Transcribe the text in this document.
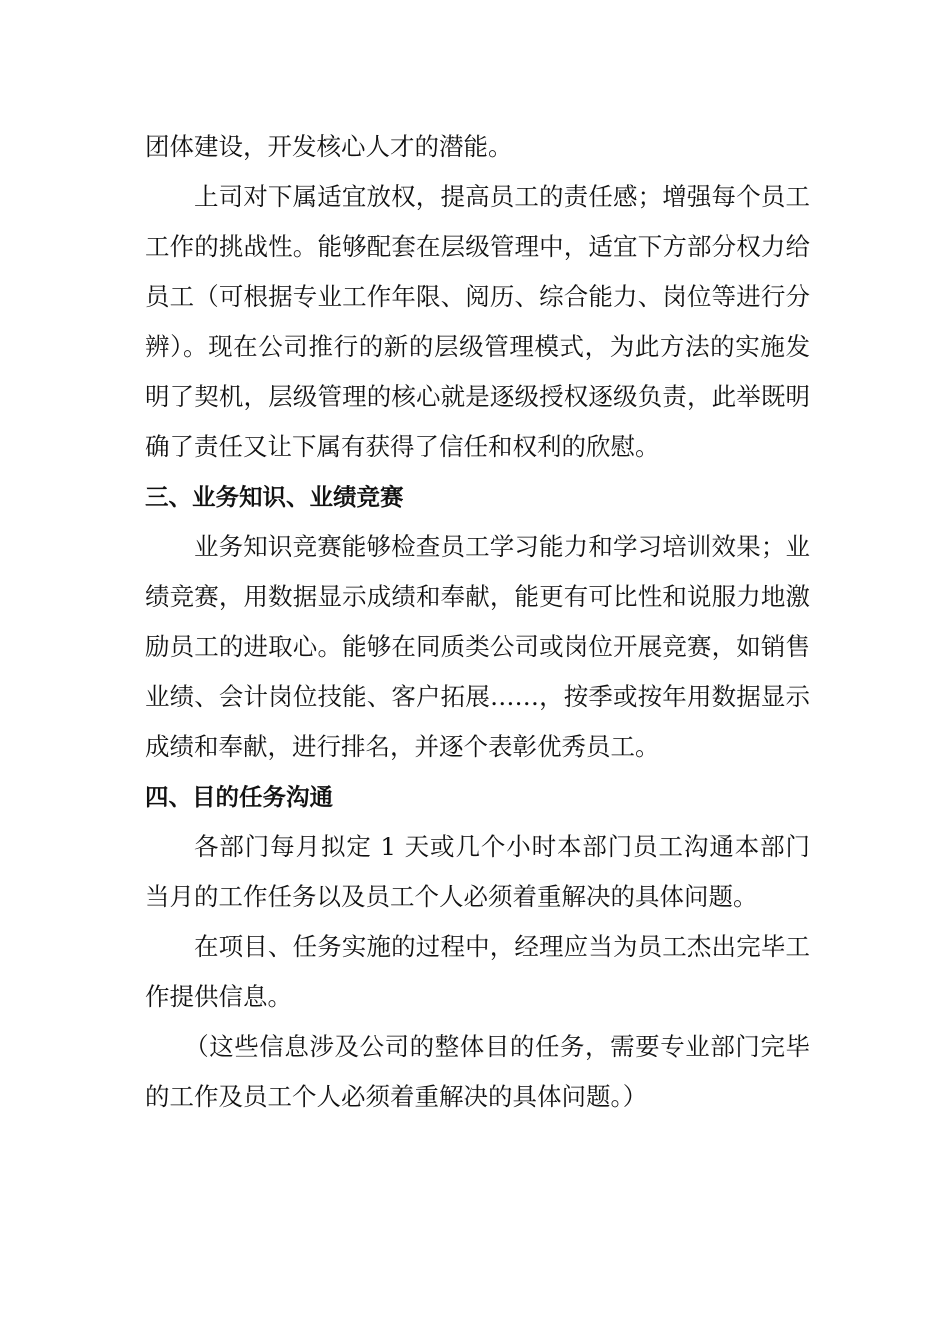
团体建设，开发核心人才的潜能。

上司对下属适宜放权，提高员工的责任感；增强每个员工工作的挑战性。能够配套在层级管理中，适宜下方部分权力给员工（可根据专业工作年限、阅历、综合能力、岗位等进行分辨）。现在公司推行的新的层级管理模式，为此方法的实施发明了契机，层级管理的核心就是逐级授权逐级负责，此举既明确了责任又让下属有获得了信任和权利的欣慰。

三、业务知识、业绩竞赛

业务知识竞赛能够检查员工学习能力和学习培训效果；业绩竞赛，用数据显示成绩和奉献，能更有可比性和说服力地激励员工的进取心。能够在同质类公司或岗位开展竞赛，如销售业绩、会计岗位技能、客户拓展……，按季或按年用数据显示成绩和奉献，进行排名，并逐个表彰优秀员工。

四、目的任务沟通

各部门每月拟定 1 天或几个小时本部门员工沟通本部门当月的工作任务以及员工个人必须着重解决的具体问题。

在项目、任务实施的过程中，经理应当为员工杰出完毕工作提供信息。

（这些信息涉及公司的整体目的任务，需要专业部门完毕的工作及员工个人必须着重解决的具体问题。）
